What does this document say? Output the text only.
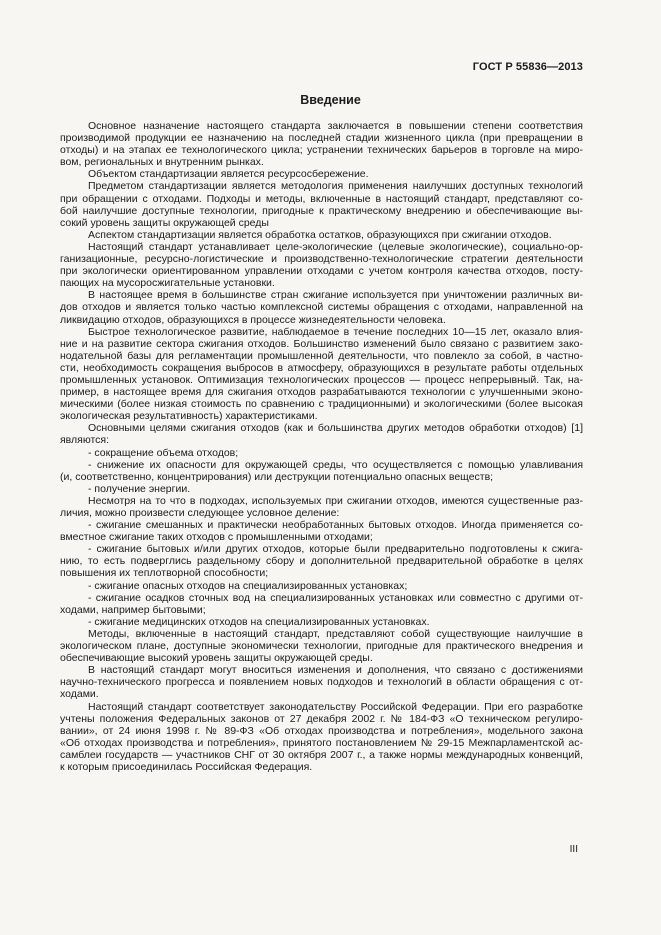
ГОСТ Р 55836—2013
Введение
Основное назначение настоящего стандарта заключается в повышении степени соответствия
производимой продукции ее назначению на последней стадии жизненного цикла (при превращении в
отходы) и на этапах ее технологического цикла; устранении технических барьеров в торговле на миро-
вом, региональных и внутренним рынках.
Объектом стандартизации является ресурсосбережение.
Предметом стандартизации является методология применения наилучших доступных технологий
при обращении с отходами. Подходы и методы, включенные в настоящий стандарт, представляют со-
бой наилучшие доступные технологии, пригодные к практическому внедрению и обеспечивающие вы-
сокий уровень защиты окружающей среды
Аспектом стандартизации является обработка остатков, образующихся при сжигании отходов.
Настоящий стандарт устанавливает целе-экологические (целевые экологические), социально-ор-
ганизационные, ресурсно-логистические и производственно-технологические стратегии деятельности
при экологически ориентированном управлении отходами с учетом контроля качества отходов, посту-
пающих на мусоросжигательные установки.
В настоящее время в большинстве стран сжигание используется при уничтожении различных ви-
дов отходов и является только частью комплексной системы обращения с отходами, направленной на
ликвидацию отходов, образующихся в процессе жизнедеятельности человека.
Быстрое технологическое развитие, наблюдаемое в течение последних 10—15 лет, оказало влия-
ние и на развитие сектора сжигания отходов. Большинство изменений было связано с развитием зако-
нодательной базы для регламентации промышленной деятельности, что повлекло за собой, в частно-
сти, необходимость сокращения выбросов в атмосферу, образующихся в результате работы отдельных
промышленных установок. Оптимизация технологических процессов — процесс непрерывный. Так, на-
пример, в настоящее время для сжигания отходов разрабатываются технологии с улучшенными эконо-
мическими (более низкая стоимость по сравнению с традиционными) и экологическими (более высокая
экологическая результативность) характеристиками.
Основными целями сжигания отходов (как и большинства других методов обработки отходов) [1]
являются:
- сокращение объема отходов;
- снижение их опасности для окружающей среды, что осуществляется с помощью улавливания
(и, соответственно, концентрирования) или деструкции потенциально опасных веществ;
- получение энергии.
Несмотря на то что в подходах, используемых при сжигании отходов, имеются существенные раз-
личия, можно произвести следующее условное деление:
- сжигание смешанных и практически необработанных бытовых отходов. Иногда применяется со-
вместное сжигание таких отходов с промышленными отходами;
- сжигание бытовых и/или других отходов, которые были предварительно подготовлены к сжига-
нию, то есть подверглись раздельному сбору и дополнительной предварительной обработке в целях
повышения их теплотворной способности;
- сжигание опасных отходов на специализированных установках;
- сжигание осадков сточных вод на специализированных установках или совместно с другими от-
ходами, например бытовыми;
- сжигание медицинских отходов на специализированных установках.
Методы, включенные в настоящий стандарт, представляют собой существующие наилучшие в
экологическом плане, доступные экономически технологии, пригодные для практического внедрения и
обеспечивающие высокий уровень защиты окружающей среды.
В настоящий стандарт могут вноситься изменения и дополнения, что связано с достижениями
научно-технического прогресса и появлением новых подходов и технологий в области обращения с от-
ходами.
Настоящий стандарт соответствует законодательству Российской Федерации. При его разработке
учтены положения Федеральных законов от 27 декабря 2002 г. № 184-ФЗ «О техническом регулиро-
вании», от 24 июня 1998 г. № 89-ФЗ «Об отходах производства и потребления», модельного закона
«Об отходах производства и потребления», принятого постановлением № 29-15 Межпарламентской ас-
самблеи государств — участников СНГ от 30 октября 2007 г., а также нормы международных конвенций,
к которым присоединилась Российская Федерация.
III
